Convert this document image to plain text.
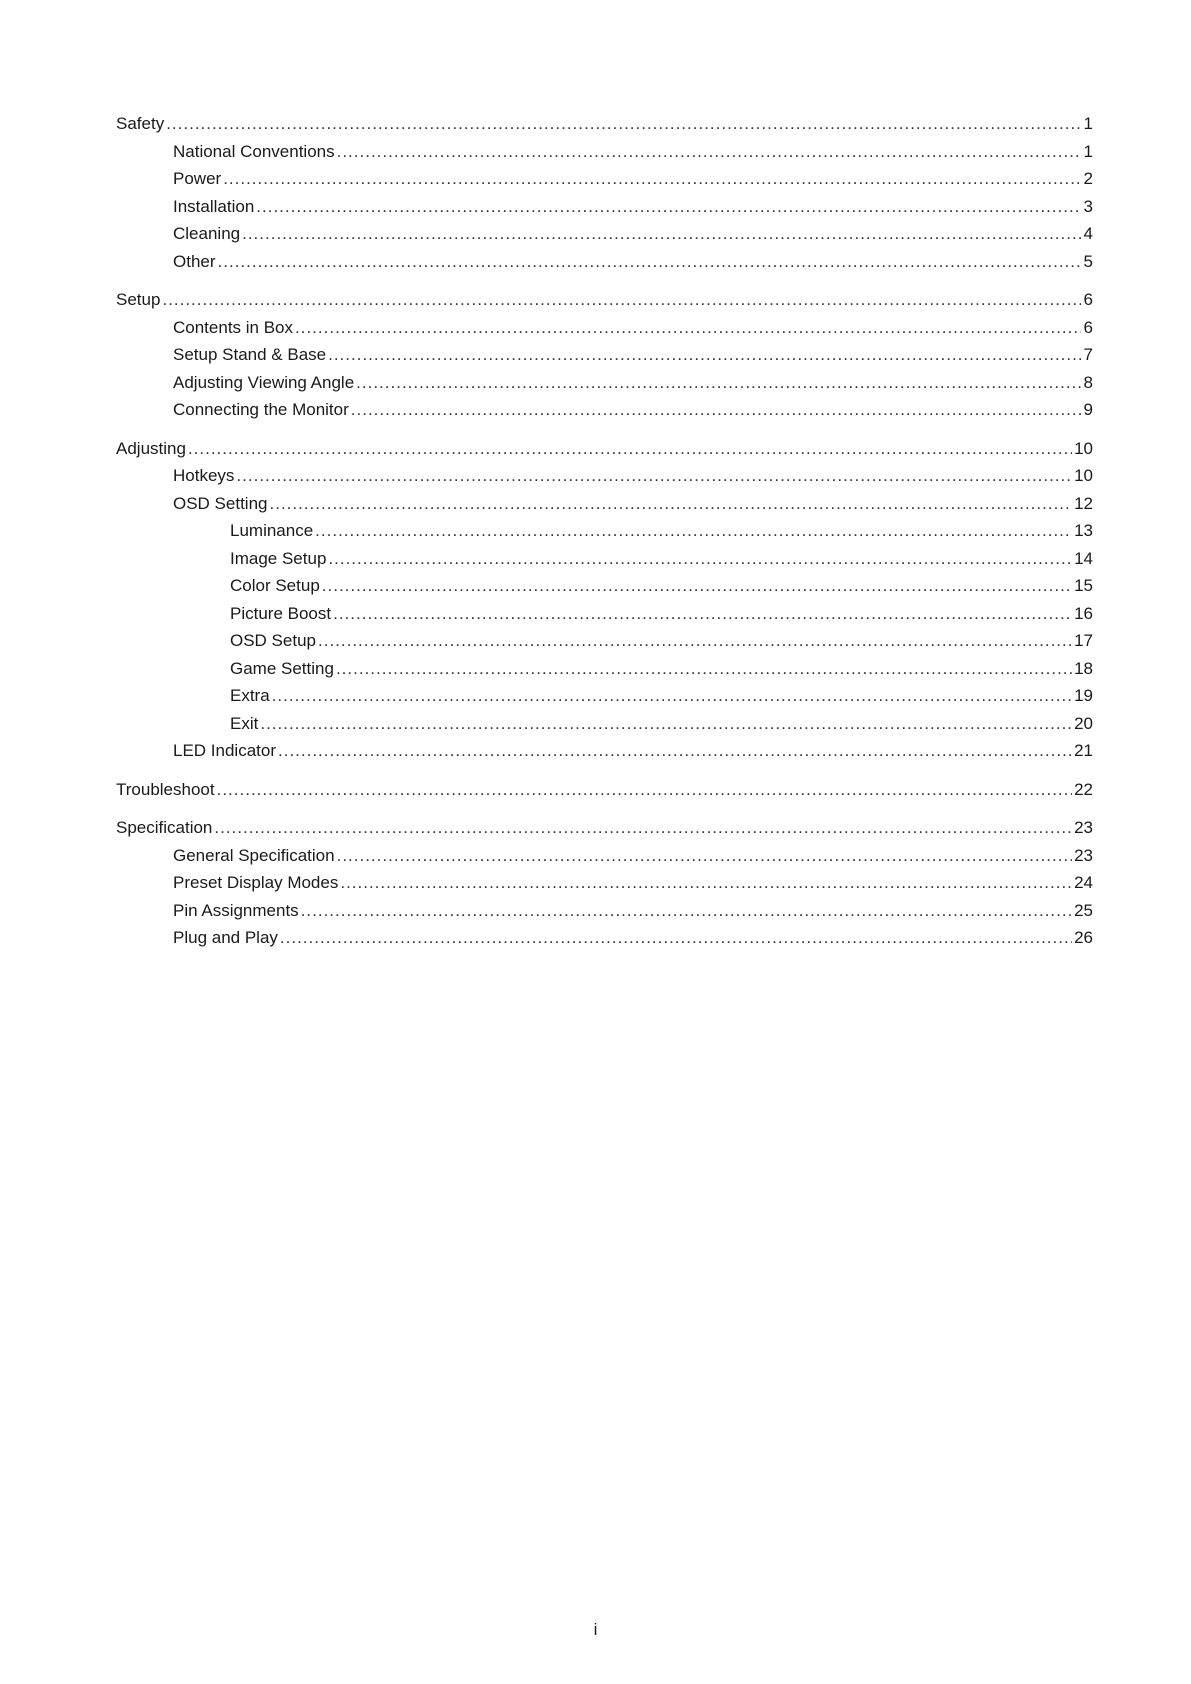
Safety .....	1
National Conventions .....	1
Power .....	2
Installation .....	3
Cleaning .....	4
Other .....	5
Setup .....	6
Contents in Box .....	6
Setup Stand & Base .....	7
Adjusting Viewing Angle .....	8
Connecting the Monitor .....	9
Adjusting .....	10
Hotkeys .....	10
OSD Setting .....	12
Luminance .....	13
Image Setup .....	14
Color Setup .....	15
Picture Boost .....	16
OSD Setup .....	17
Game Setting .....	18
Extra .....	19
Exit .....	20
LED Indicator .....	21
Troubleshoot .....	22
Specification .....	23
General Specification .....	23
Preset Display Modes .....	24
Pin Assignments .....	25
Plug and Play .....	26
i
